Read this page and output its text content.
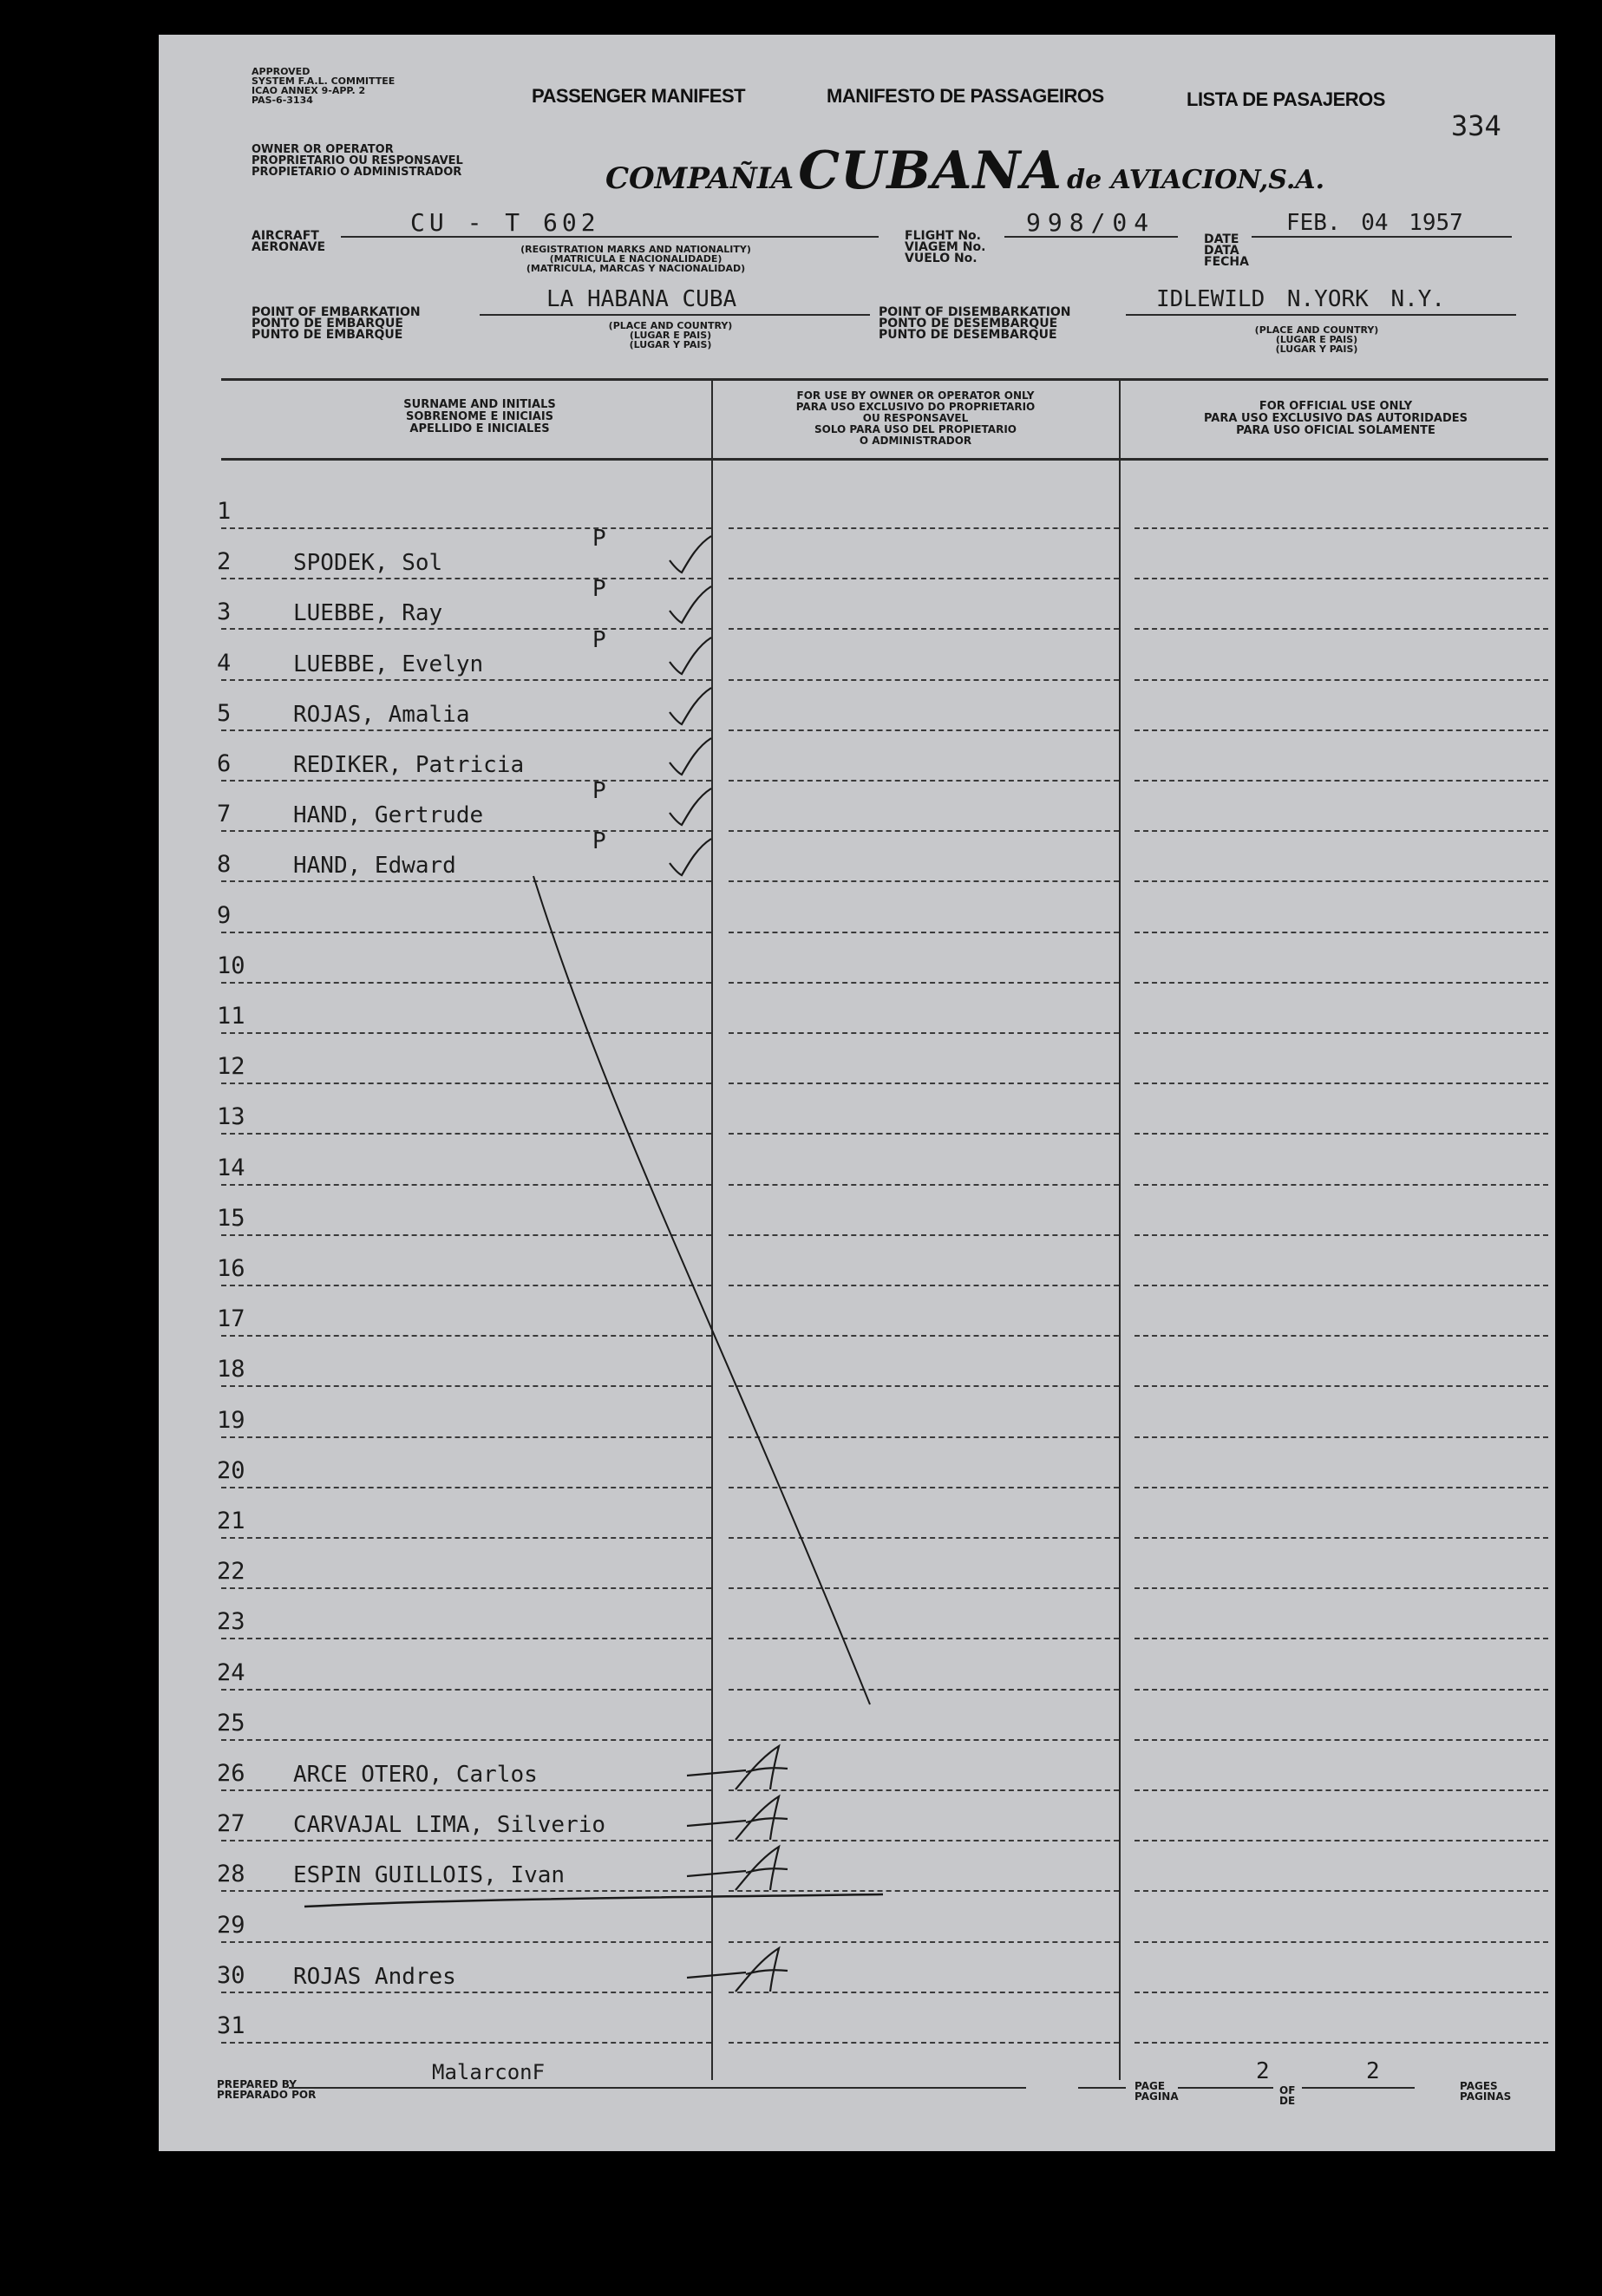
APPROVED
SYSTEM F.A.L. COMMITTEE
ICAO ANNEX 9-APP. 2
PAS-6-3134
OWNER OR OPERATOR
PROPRIETARIO OU RESPONSAVEL
PROPIETARIO O ADMINISTRADOR
PASSENGER MANIFEST	MANIFESTO DE PASSAGEIROS	LISTA DE PASAJEROS
334
COMPAÑIA CUBANA de AVIACION,S.A.
AIRCRAFT
AERONAVE
CU - T 602
(REGISTRATION MARKS AND NATIONALITY)
(MATRICULA E NACIONALIDADE)
(MATRICULA, MARCAS Y NACIONALIDAD)
FLIGHT No.
VIAGEM No.
VUELO No.
998/04
DATE
DATA
FECHA
FEB. 04 1957
POINT OF EMBARKATION
PONTO DE EMBARQUE
PUNTO DE EMBARQUE
LA HABANA CUBA
(PLACE AND COUNTRY)
(LUGAR E PAIS)
(LUGAR Y PAIS)
POINT OF DISEMBARKATION
PONTO DE DESEMBARQUE
PUNTO DE DESEMBARQUE
IDLEWILD N.YORK N.Y.
(PLACE AND COUNTRY)
(LUGAR E PAIS)
(LUGAR Y PAIS)
SURNAME AND INITIALS
SOBRENOME E INICIAIS
APELLIDO E INICIALES
FOR USE BY OWNER OR OPERATOR ONLY
PARA USO EXCLUSIVO DO PROPRIETARIO
OU RESPONSAVEL
SOLO PARA USO DEL PROPIETARIO
O ADMINISTRADOR
FOR OFFICIAL USE ONLY
PARA USO EXCLUSIVO DAS AUTORIDADES
PARA USO OFICIAL SOLAMENTE
1
2	SPODEK, Sol
P
3	LUEBBE, Ray
P
4	LUEBBE, Evelyn
P
5	ROJAS, Amalia
6	REDIKER, Patricia
7	HAND, Gertrude
P
8	HAND, Edward
P
9
10
11
12
13
14
15
16
17
18
19
20
21
22
23
24
25
26 ARCE OTERO, Carlos
27 CARVAJAL LIMA, Silverio
28 ESPIN GUILLOIS, Ivan
29
30 ROJAS Andres
31
PREPARED BY
PREPARADO POR
MalarconF
PAGE
PAGINA
2
OF
DE
2
PAGES
PAGINAS
